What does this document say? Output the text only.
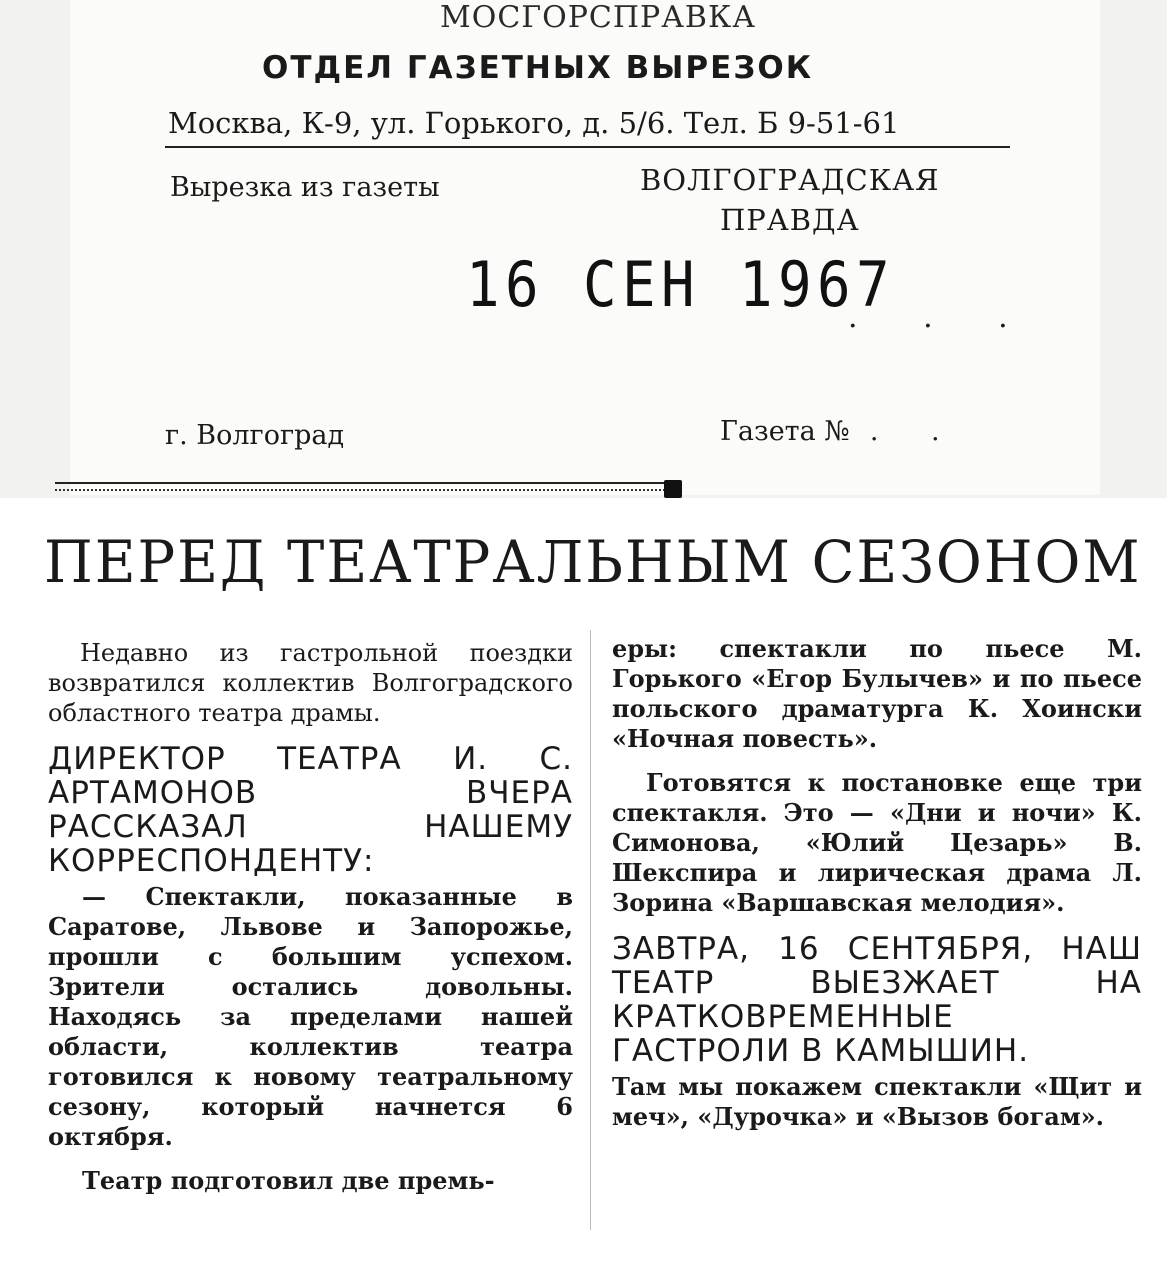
МОСГОРСПРАВКА
ОТДЕЛ ГАЗЕТНЫХ ВЫРЕЗОК
Москва, К-9, ул. Горького, д. 5/6. Тел. Б 9-51-61
Вырезка из газеты	ВОЛГОГРАДСКАЯ
ПРАВДА
16 СЕН 1967
. . .
г. Волгоград	Газета № . .
ПЕРЕД ТЕАТРАЛЬНЫМ СЕЗОНОМ

Недавно из гастрольной поездки возвратился коллектив Волгоградского областного театра драмы.

ДИРЕКТОР ТЕАТРА И. С. АРТАМОНОВ ВЧЕРА РАССКАЗАЛ НАШЕМУ КОРРЕСПОНДЕНТУ:

— Спектакли, показанные в Саратове, Львове и Запорожье, прошли с большим успехом. Зрители остались довольны. Находясь за пределами нашей области, коллектив театра готовился к новому театральному сезону, который начнется 6 октября.

Театр подготовил две премь-

еры: спектакли по пьесе М. Горького «Егор Булычев» и по пьесе польского драматурга К. Хоински «Ночная повесть».

Готовятся к постановке еще три спектакля. Это — «Дни и ночи» К. Симонова, «Юлий Цезарь» В. Шекспира и лирическая драма Л. Зорина «Варшавская мелодия».

ЗАВТРА, 16 СЕНТЯБРЯ, НАШ ТЕАТР ВЫЕЗЖАЕТ НА КРАТКОВРЕМЕННЫЕ ГАСТРОЛИ В КАМЫШИН.

Там мы покажем спектакли «Щит и меч», «Дурочка» и «Вызов богам».
